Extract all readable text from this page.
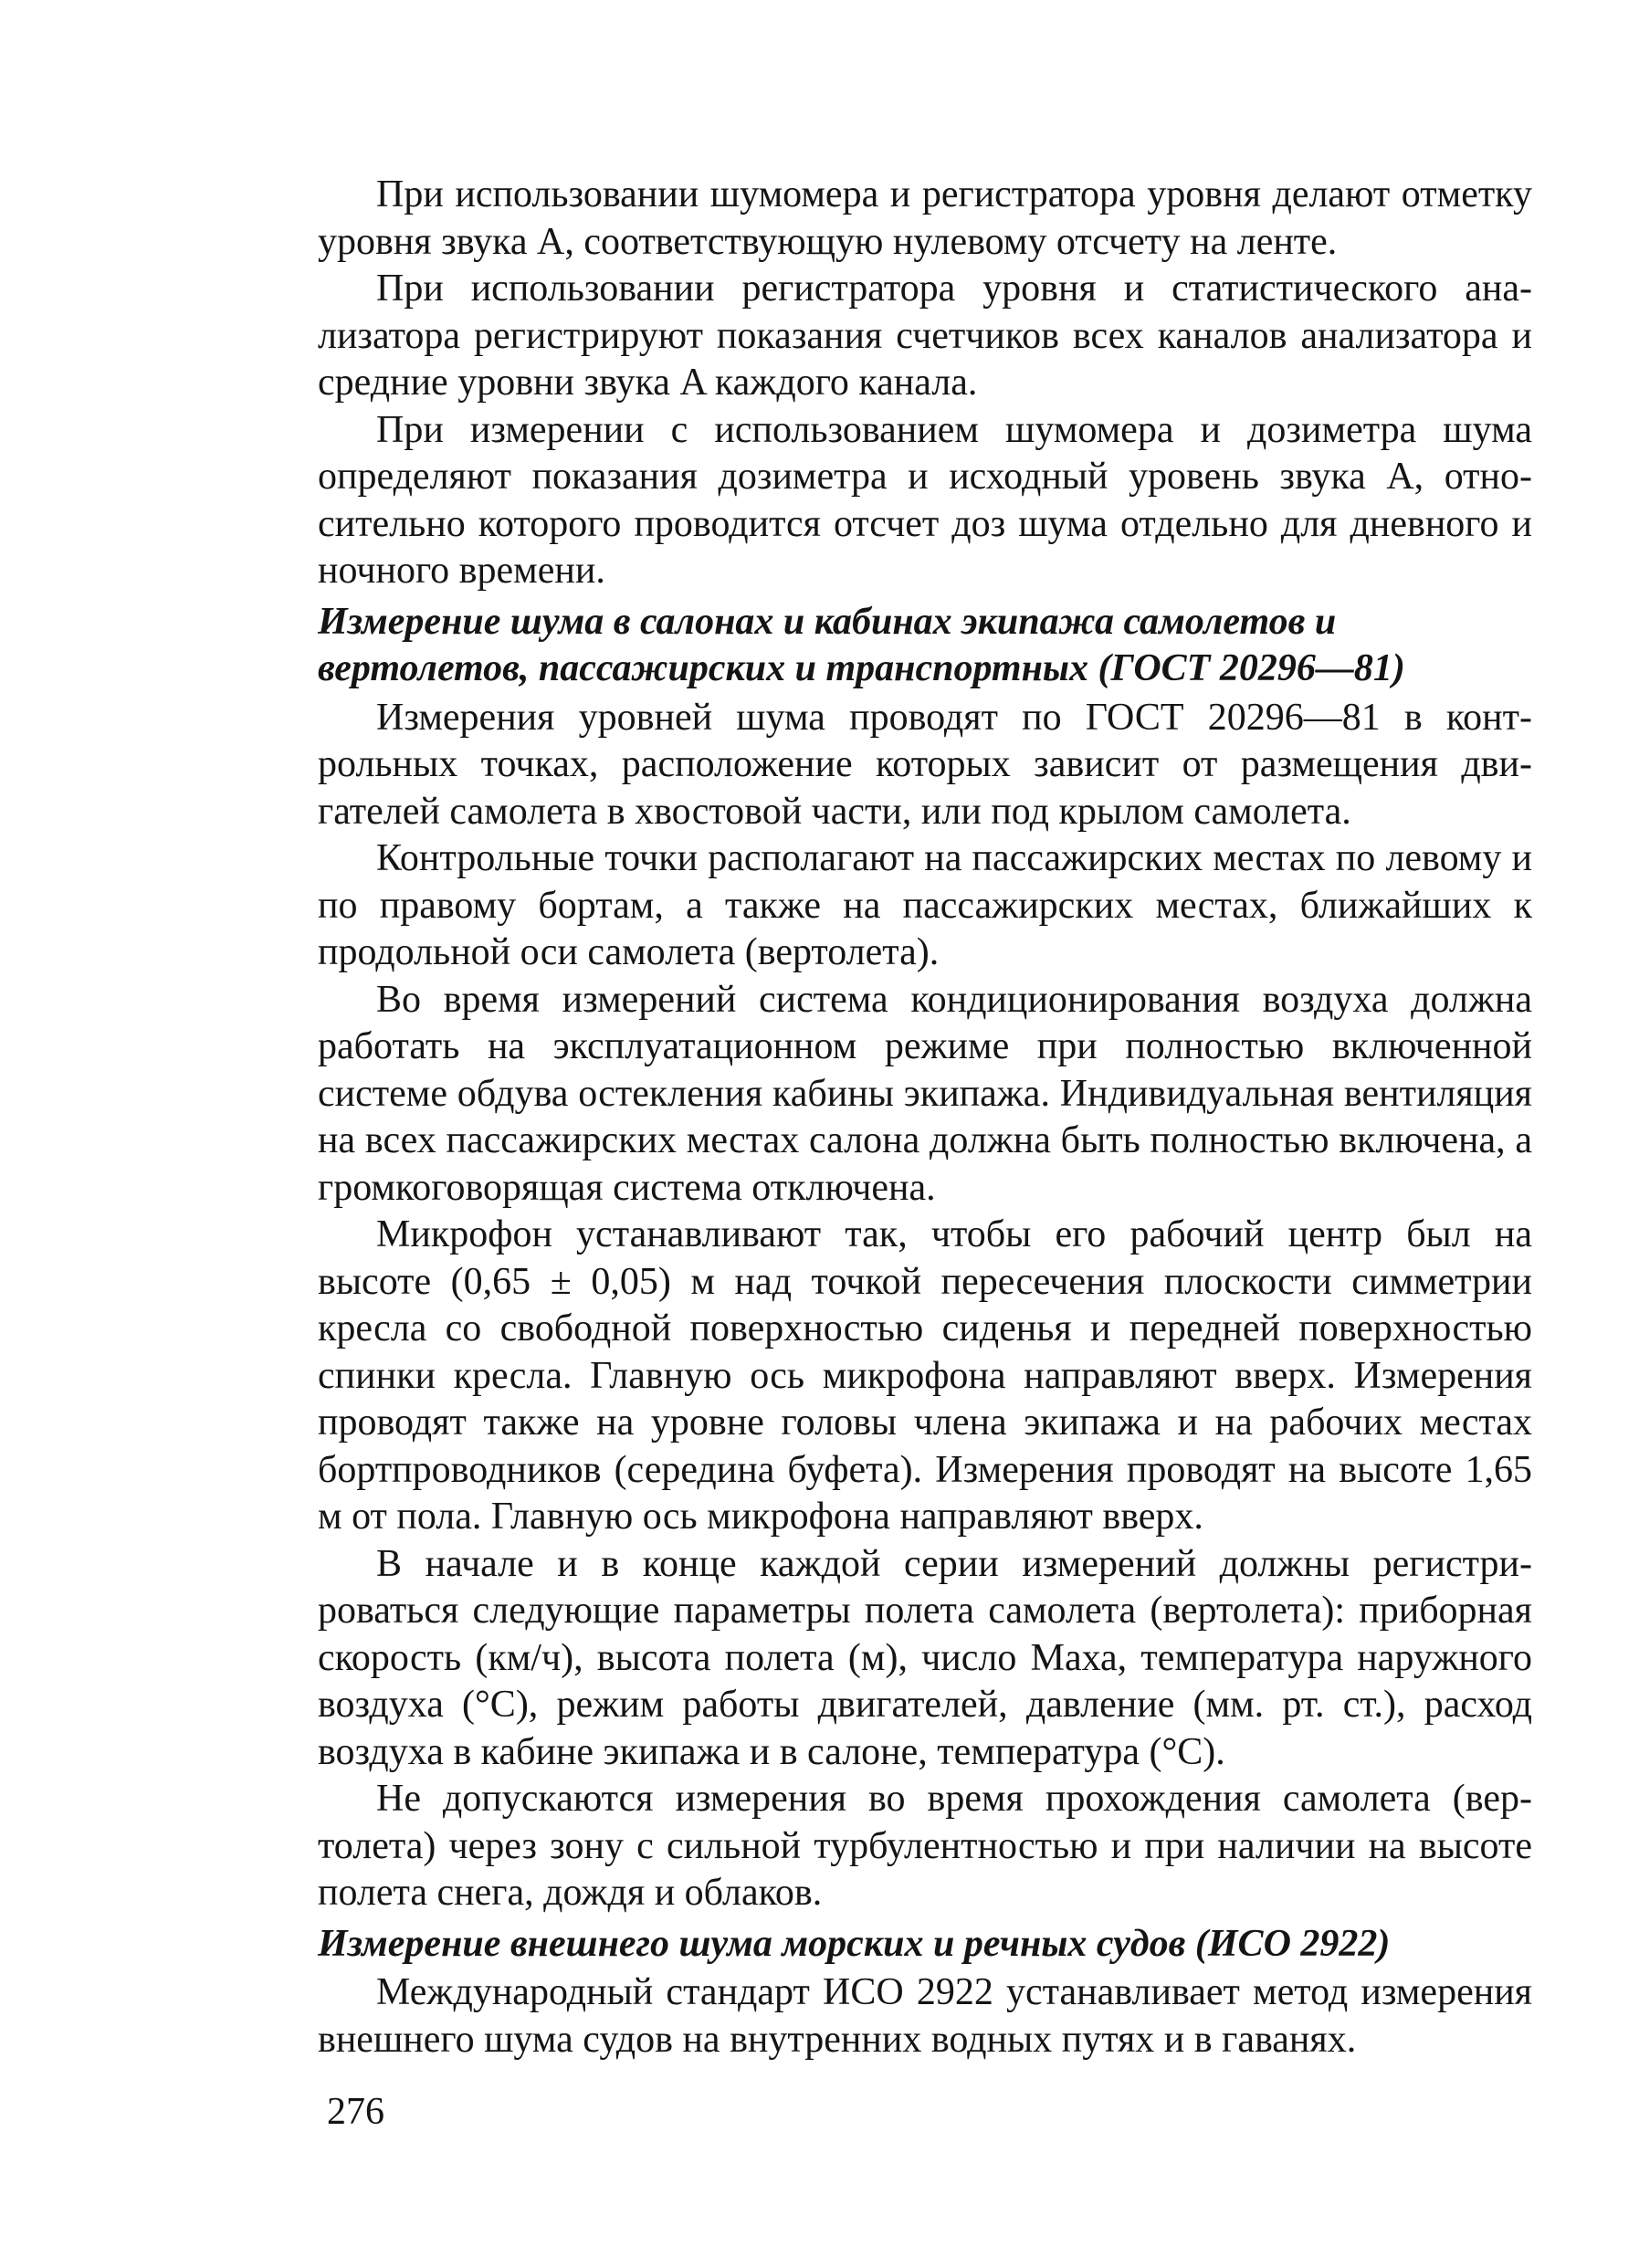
При использовании шумомера и регистратора уровня делают отметку уровня звука A, соответствующую нулевому отсчету на ленте.

При использовании регистратора уровня и статистического анализатора регистрируют показания счетчиков всех каналов анализатора и средние уровни звука A каждого канала.

При измерении с использованием шумомера и дозиметра шума определяют показания дозиметра и исходный уровень звука A, относительно которого проводится отсчет доз шума отдельно для дневного и ночного времени.

Измерение шума в салонах и кабинах экипажа самолетов и вертолетов, пассажирских и транспортных (ГОСТ 20296—81)

Измерения уровней шума проводят по ГОСТ 20296—81 в контрольных точках, расположение которых зависит от размещения двигателей самолета в хвостовой части, или под крылом самолета.

Контрольные точки располагают на пассажирских местах по левому и по правому бортам, а также на пассажирских местах, ближайших к продольной оси самолета (вертолета).

Во время измерений система кондиционирования воздуха должна работать на эксплуатационном режиме при полностью включенной системе обдува остекления кабины экипажа. Индивидуальная вентиляция на всех пассажирских местах салона должна быть полностью включена, а громкоговорящая система отключена.

Микрофон устанавливают так, чтобы его рабочий центр был на высоте (0,65 ± 0,05) м над точкой пересечения плоскости симметрии кресла со свободной поверхностью сиденья и передней поверхностью спинки кресла. Главную ось микрофона направляют вверх. Измерения проводят также на уровне головы члена экипажа и на рабочих местах бортпроводников (середина буфета). Измерения проводят на высоте 1,65 м от пола. Главную ось микрофона направляют вверх.

В начале и в конце каждой серии измерений должны регистрироваться следующие параметры полета самолета (вертолета): приборная скорость (км/ч), высота полета (м), число Маха, температура наружного воздуха (°C), режим работы двигателей, давление (мм. рт. ст.), расход воздуха в кабине экипажа и в салоне, температура (°C).

Не допускаются измерения во время прохождения самолета (вертолета) через зону с сильной турбулентностью и при наличии на высоте полета снега, дождя и облаков.

Измерение внешнего шума морских и речных судов (ИСО 2922)

Международный стандарт ИСО 2922 устанавливает метод измерения внешнего шума судов на внутренних водных путях и в гаванях.

276
